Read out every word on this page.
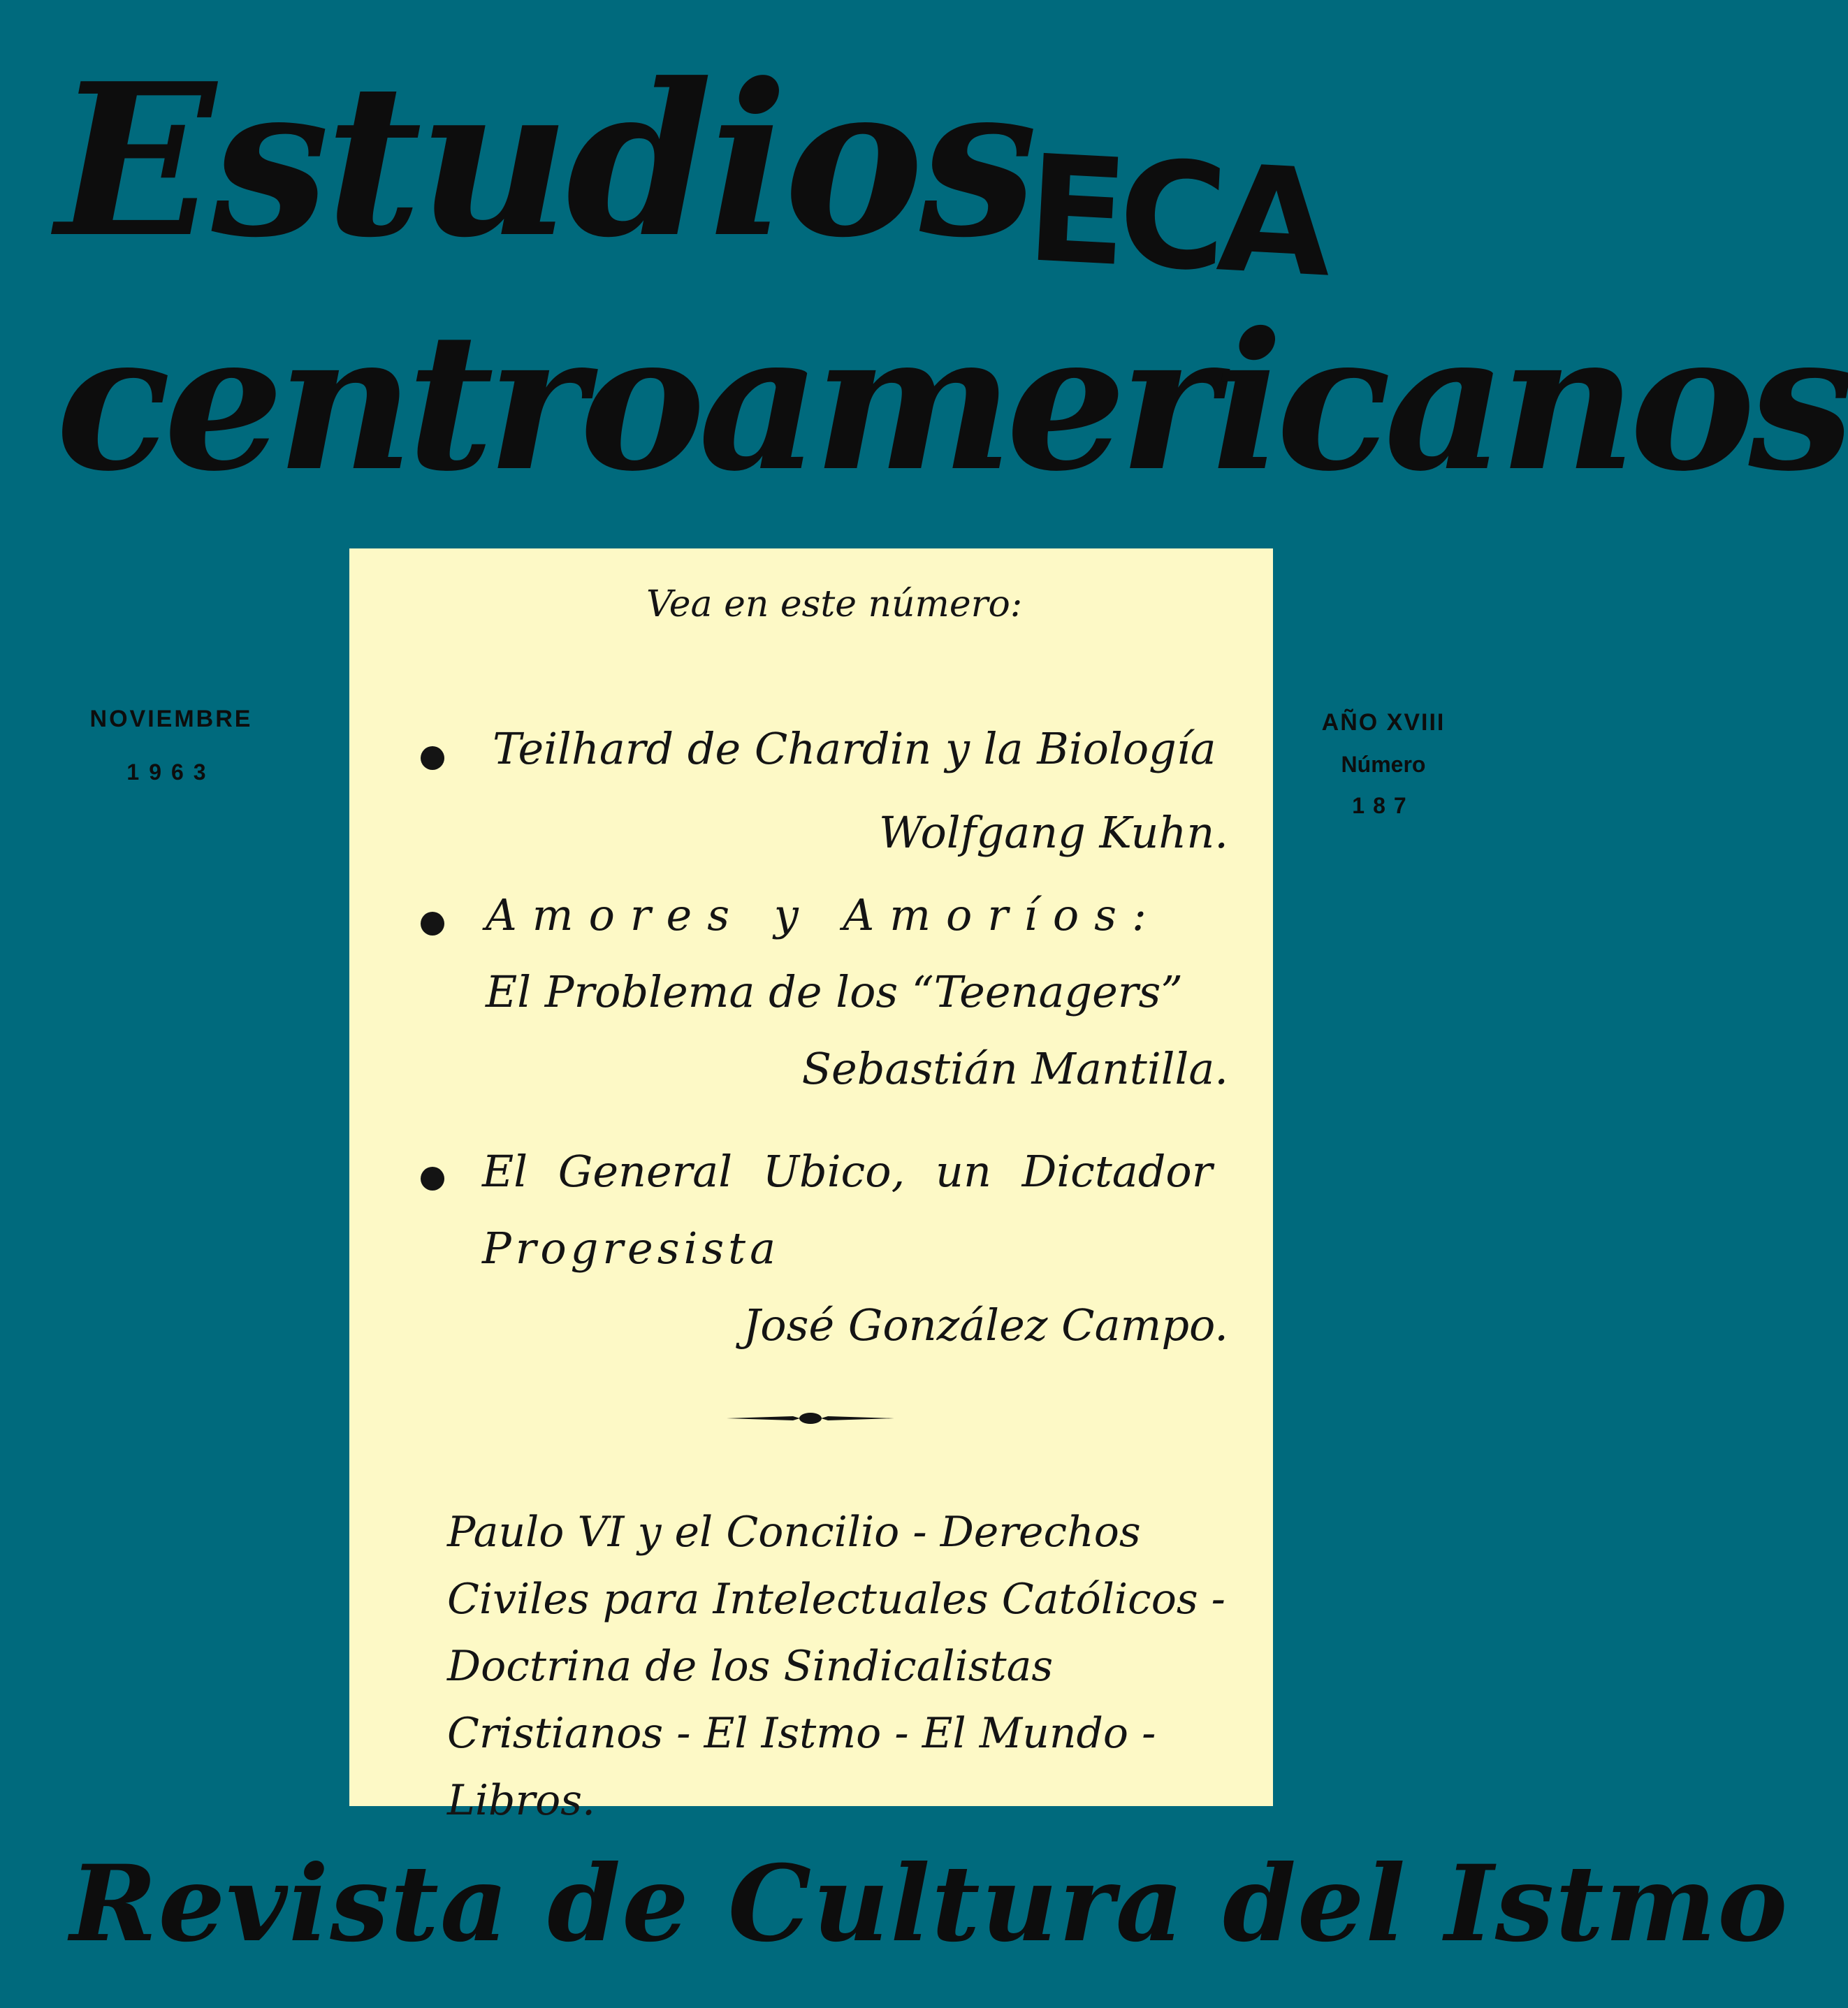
Estudios
centroamericanos
ECA
NOVIEMBRE
1963
AÑO XVIII
Número
187
Vea en este número:
Teilhard de Chardin y la Biología
Wolfgang Kuhn.
Amores y Amoríos:
El Problema de los “Teenagers”
Sebastián Mantilla.
El General Ubico, un Dictador
Progresista
José González Campo.
Paulo VI y el Concilio - Derechos Civiles para Intelectuales Católicos - Doctrina de los Sindicalistas Cristianos - El Istmo - El Mundo - Libros.
Revista de Cultura del Istmo
